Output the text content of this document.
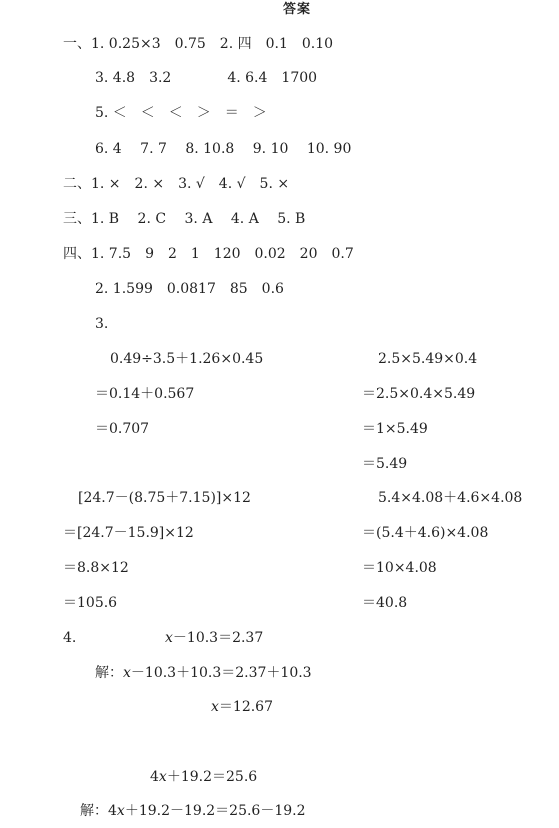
答案
一、1. 0.25×3　0.75　2. 四　0.1　0.10
3. 4.8　3.2　　　　4. 6.4　1700
5. ＜　＜　＜　＞　＝　＞
6. 4　 7. 7　 8. 10.8　 9. 10　 10. 90
二、1. ×　2. ×　3. √　4. √　5. ×
三、1. B　 2. C　 3. A　 4. A　 5. B
四、1. 7.5　9　2　1　120　0.02　20　0.7
2. 1.599　0.0817　85　0.6
3.
0.49÷3.5＋1.26×0.45
＝0.14＋0.567
＝0.707
2.5×5.49×0.4
＝2.5×0.4×5.49
＝1×5.49
＝5.49
[24.7－(8.75＋7.15)]×12
＝[24.7－15.9]×12
＝8.8×12
＝105.6
5.4×4.08＋4.6×4.08
＝(5.4＋4.6)×4.08
＝10×4.08
＝40.8
4.	x－10.3＝2.37
解：x－10.3＋10.3＝2.37＋10.3
x＝12.67
4x＋19.2＝25.6
解：4x＋19.2－19.2＝25.6－19.2
